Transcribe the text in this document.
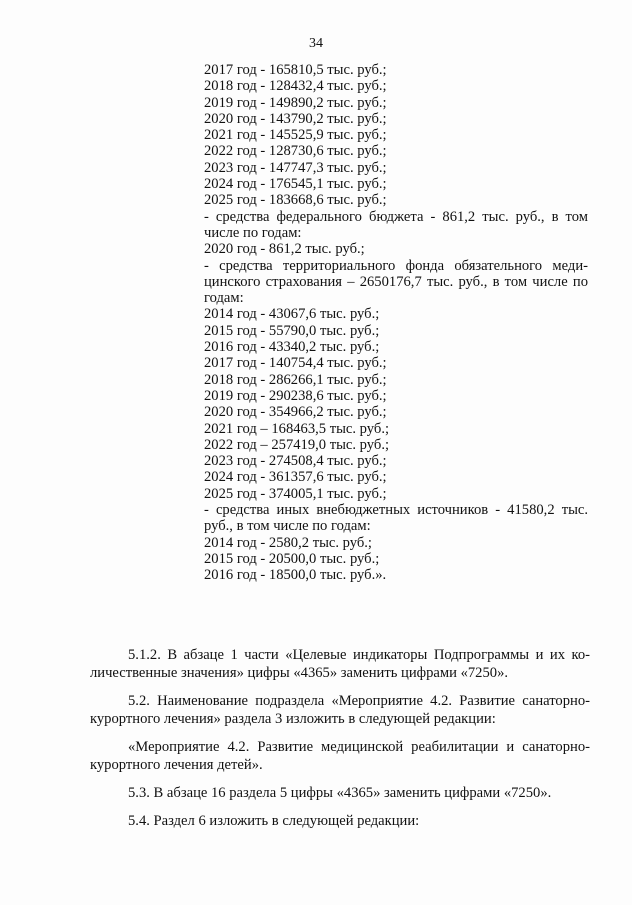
34
2017 год - 165810,5 тыс. руб.;
2018 год - 128432,4 тыс. руб.;
2019 год - 149890,2 тыс. руб.;
2020 год - 143790,2 тыс. руб.;
2021 год - 145525,9 тыс. руб.;
2022 год - 128730,6 тыс. руб.;
2023 год - 147747,3 тыс. руб.;
2024 год - 176545,1 тыс. руб.;
2025 год - 183668,6 тыс. руб.;
- средства федерального бюджета - 861,2 тыс. руб., в том
числе по годам:
2020 год - 861,2 тыс. руб.;
- средства территориального фонда обязательного меди-
цинского страхования – 2650176,7 тыс. руб., в том числе по
годам:
2014 год - 43067,6 тыс. руб.;
2015 год - 55790,0 тыс. руб.;
2016 год - 43340,2 тыс. руб.;
2017 год - 140754,4 тыс. руб.;
2018 год - 286266,1 тыс. руб.;
2019 год - 290238,6 тыс. руб.;
2020 год - 354966,2 тыс. руб.;
2021 год – 168463,5 тыс. руб.;
2022 год – 257419,0 тыс. руб.;
2023 год - 274508,4 тыс. руб.;
2024 год - 361357,6 тыс. руб.;
2025 год - 374005,1 тыс. руб.;
- средства иных внебюджетных источников - 41580,2 тыс.
руб., в том числе по годам:
2014 год - 2580,2 тыс. руб.;
2015 год - 20500,0 тыс. руб.;
2016 год - 18500,0 тыс. руб.».
5.1.2. В абзаце 1 части «Целевые индикаторы Подпрограммы и их ко-
личественные значения» цифры «4365» заменить цифрами «7250».
5.2. Наименование подраздела «Мероприятие 4.2. Развитие санаторно-
курортного лечения» раздела 3 изложить в следующей редакции:
«Мероприятие 4.2. Развитие медицинской реабилитации и санаторно-
курортного лечения детей».
5.3. В абзаце 16 раздела 5 цифры «4365» заменить цифрами «7250».
5.4. Раздел 6 изложить в следующей редакции:
